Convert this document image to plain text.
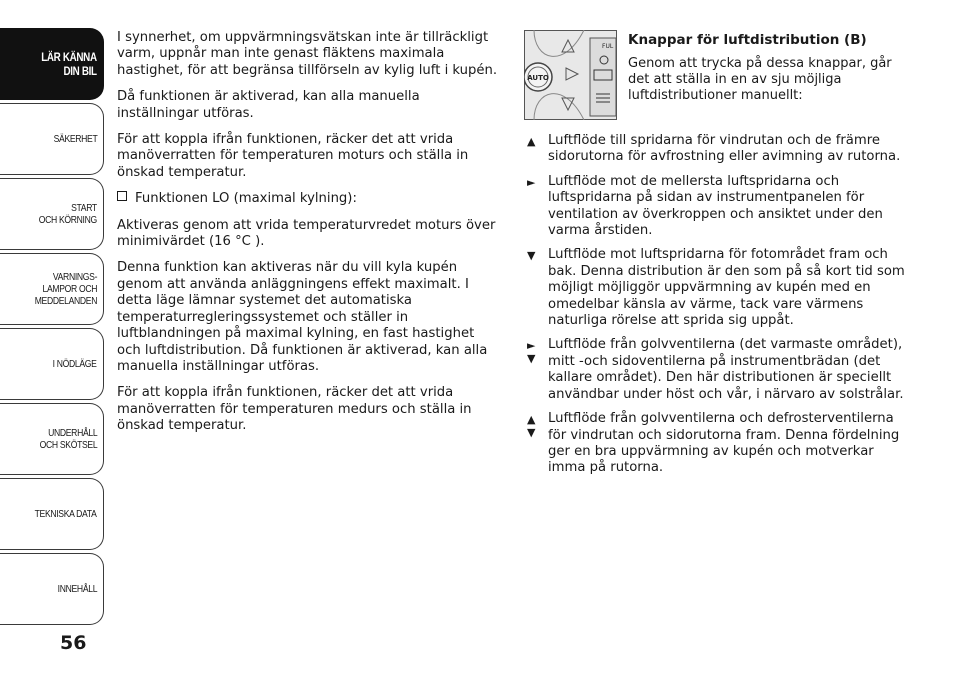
LÄR KÄNNA
DIN BIL
SÄKERHET
START
OCH KÖRNING
VARNINGS-
LAMPOR OCH
MEDDELANDEN
I NÖDLÄGE
UNDERHÅLL
OCH SKÖTSEL
TEKNISKA DATA
INNEHÅLL
56

I synnerhet, om uppvärmningsvätskan inte är tillräckligt varm, uppnår man inte genast fläktens maximala hastighet, för att begränsa tillförseln av kylig luft i kupén.

Då funktionen är aktiverad, kan alla manuella inställningar utföras.

För att koppla ifrån funktionen, räcker det att vrida manöverratten för temperaturen moturs och ställa in önskad temperatur.

Funktionen LO (maximal kylning):

Aktiveras genom att vrida temperaturvredet moturs över minimivärdet (16 °C ).

Denna funktion kan aktiveras när du vill kyla kupén genom att använda anläggningens effekt maximalt. I detta läge lämnar systemet det automatiska temperaturregleringssystemet och ställer in luftblandningen på maximal kylning, en fast hastighet och luftdistribution. Då funktionen är aktiverad, kan alla manuella inställningar utföras.

För att koppla ifrån funktionen, räcker det att vrida manöverratten för temperaturen medurs och ställa in önskad temperatur.

AUTO
FUL Knappar för luftdistribution (B)

Genom att trycka på dessa knappar, går det att ställa in en av sju möjliga luftdistributioner manuellt:

▲ Luftflöde till spridarna för vindrutan och de främre sidorutorna för avfrostning eller avimning av rutorna.

► Luftflöde mot de mellersta luftspridarna och luftspridarna på sidan av instrumentpanelen för ventilation av överkroppen och ansiktet under den varma årstiden.

▼ Luftflöde mot luftspridarna för fotområdet fram och bak. Denna distribution är den som på så kort tid som möjligt möjliggör uppvärmning av kupén med en omedelbar känsla av värme, tack vare värmens naturliga rörelse att sprida sig uppåt.

►
▼

Luftflöde från golvventilerna (det varmaste området), mitt -och sidoventilerna på instrumentbrädan (det kallare området). Den här distributionen är speciellt användbar under höst och vår, i närvaro av solstrålar.

▲
▼

Luftflöde från golvventilerna och defrosterventilerna för vindrutan och sidorutorna fram. Denna fördelning ger en bra uppvärmning av kupén och motverkar imma på rutorna.
